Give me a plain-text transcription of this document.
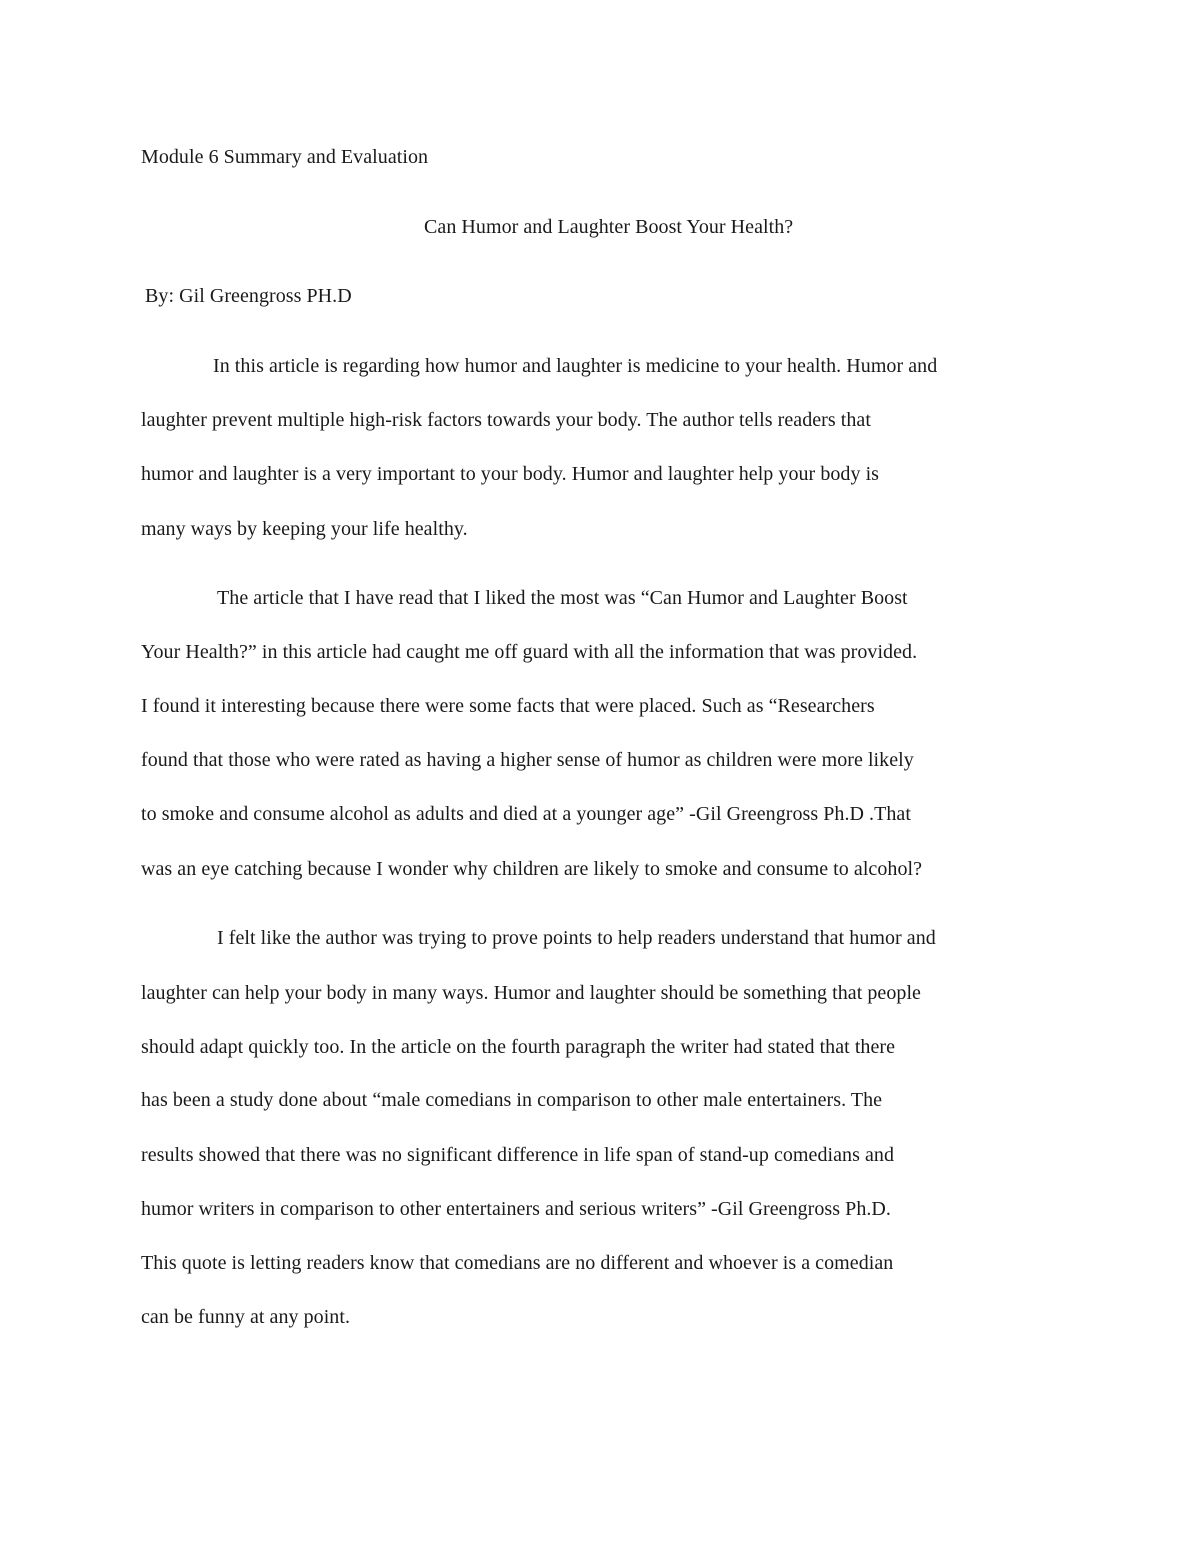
Module 6 Summary and Evaluation
Can Humor and Laughter Boost Your Health?
By: Gil Greengross PH.D
In this article is regarding how humor and laughter is medicine to your health. Humor and
laughter prevent multiple high-risk factors towards your body. The author tells readers that
humor and laughter is a very important to your body. Humor and laughter help your body is
many ways by keeping your life healthy.
The article that I have read that I liked the most was “Can Humor and Laughter Boost
Your Health?” in this article had caught me off guard with all the information that was provided.
I found it interesting because there were some facts that were placed. Such as “Researchers
found that those who were rated as having a higher sense of humor as children were more likely
to smoke and consume alcohol as adults and died at a younger age” -Gil Greengross Ph.D .That
was an eye catching because I wonder why children are likely to smoke and consume to alcohol?
I felt like the author was trying to prove points to help readers understand that humor and
laughter can help your body in many ways. Humor and laughter should be something that people
should adapt quickly too. In the article on the fourth paragraph the writer had stated that there
has been a study done about “male comedians in comparison to other male entertainers. The
results showed that there was no significant difference in life span of stand-up comedians and
humor writers in comparison to other entertainers and serious writers” -Gil Greengross Ph.D.
This quote is letting readers know that comedians are no different and whoever is a comedian
can be funny at any point.
